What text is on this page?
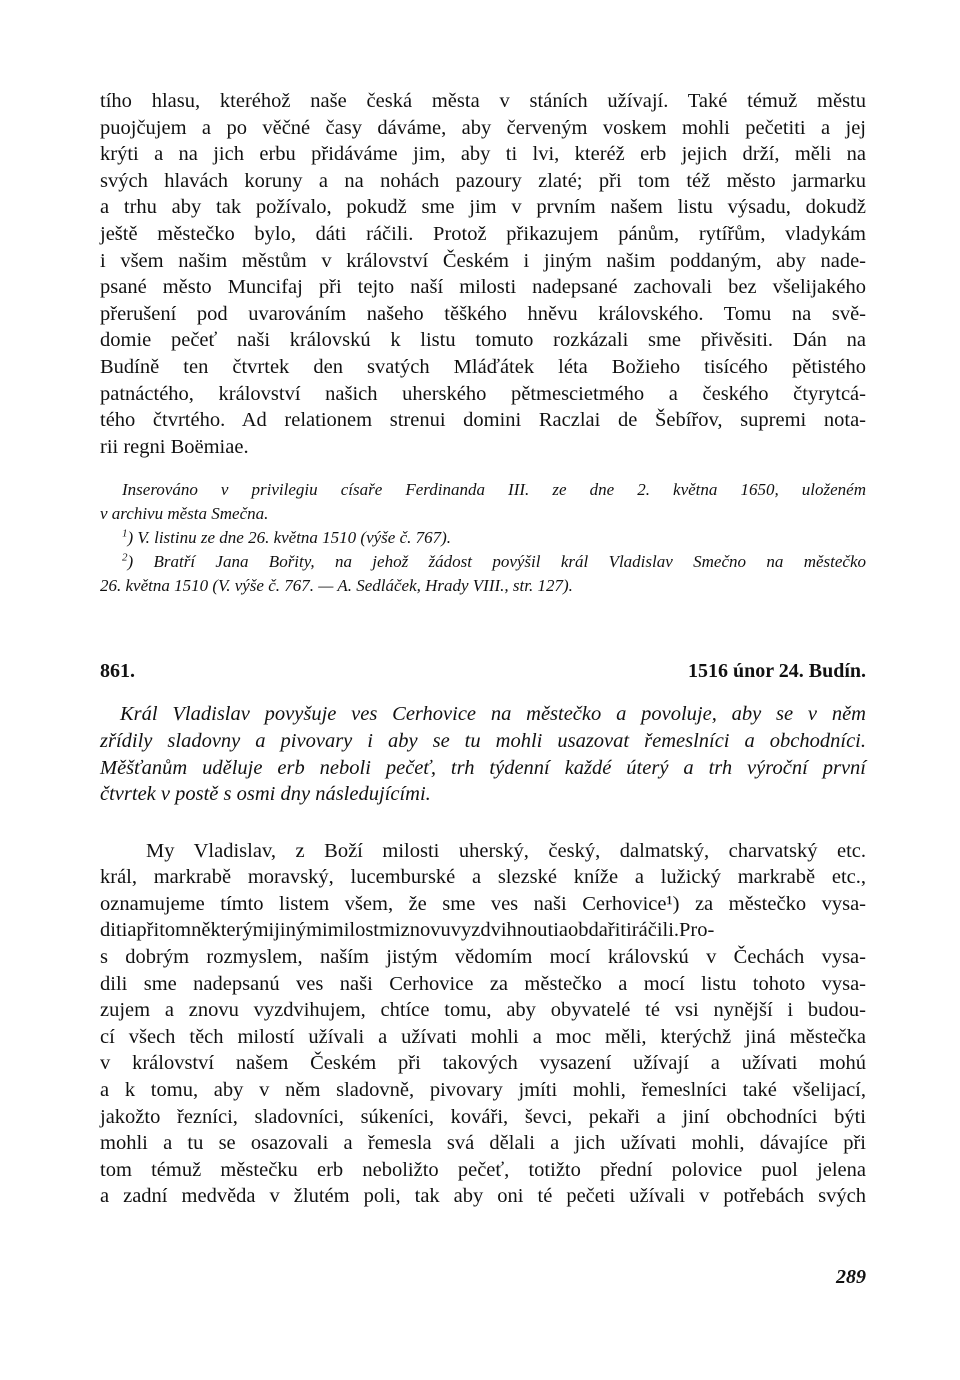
tího hlasu, kteréhož naše česká města v stáních užívají. Také témuž městu
puojčujem a po věčné časy dáváme, aby červeným voskem mohli pečetiti a jej
krýti a na jich erbu přidáváme jim, aby ti lvi, kteréž erb jejich drží, měli na
svých hlavách koruny a na nohách pazoury zlaté; při tom též město jarmarku
a trhu aby tak požívalo, pokudž sme jim v prvním našem listu výsadu, dokudž
ještě městečko bylo, dáti ráčili. Protož přikazujem pánům, rytířům, vladykám
i všem našim městům v království Českém i jiným našim poddaným, aby nade-
psané město Muncifaj při tejto naší milosti nadepsané zachovali bez všelijakého
přerušení pod uvarováním našeho těškého hněvu královského. Tomu na svě-
domie pečeť naši královskú k listu tomuto rozkázali sme přivěsiti. Dán na
Budíně ten čtvrtek den svatých Mláďátek léta Božieho tisícého pětistého
patnáctého, království našich uherského pětmescietmého a českého čtyrytcá-
tého čtvrtého. Ad relationem strenui domini Raczlai de Šebířov, supremi nota-
rii regni Boëmiae.
Inserováno v privilegiu císaře Ferdinanda III. ze dne 2. května 1650, uloženém
v archivu města Smečna.
$^1$) V. listinu ze dne 26. května 1510 (výše č. 767).
$^2$) Bratří Jana Bořity, na jehož žádost povýšil král Vladislav Smečno na městečko
26. května 1510 (V. výše č. 767. — A. Sedláček, Hrady VIII., str. 127).
861.	1516 únor 24. Budín.
Král Vladislav povyšuje ves Cerhovice na městečko a povoluje, aby se v něm
zřídily sladovny a pivovary i aby se tu mohli usazovat řemeslníci a obchodníci.
Měšťanům uděluje erb neboli pečeť, trh týdenní každé úterý a trh výroční první
čtvrtek v postě s osmi dny následujícími.
My Vladislav, z Boží milosti uherský, český, dalmatský, charvatský etc.
král, markrabě moravský, lucemburské a slezské kníže a lužický markrabě etc.,
oznamujeme tímto listem všem, že sme ves naši Cerhovice¹) za městečko vysa-
ditiapřitomněkterýmijinýmimilostmiznovuvyzdvihnoutiaobdařitiráčili.Pro-
s dobrým rozmyslem, naším jistým vědomím mocí královskú v Čechách vysa-
dili sme nadepsanú ves naši Cerhovice za městečko a mocí listu tohoto vysa-
zujem a znovu vyzdvihujem, chtíce tomu, aby obyvatelé té vsi nynější i budou-
cí všech těch milostí užívali a užívati mohli a moc měli, kterýchž jiná městečka
v království našem Českém při takových vysazení užívají a užívati mohú
a k tomu, aby v něm sladovně, pivovary jmíti mohli, řemeslníci také všelijací,
jakožto řezníci, sladovníci, súkeníci, kováři, ševci, pekaři a jiní obchodníci býti
mohli a tu se osazovali a řemesla svá dělali a jich užívati mohli, dávajíce při
tom témuž městečku erb neboližto pečeť, totižto přední polovice puol jelena
a zadní medvěda v žlutém poli, tak aby oni té pečeti užívali v potřebách svých
289
